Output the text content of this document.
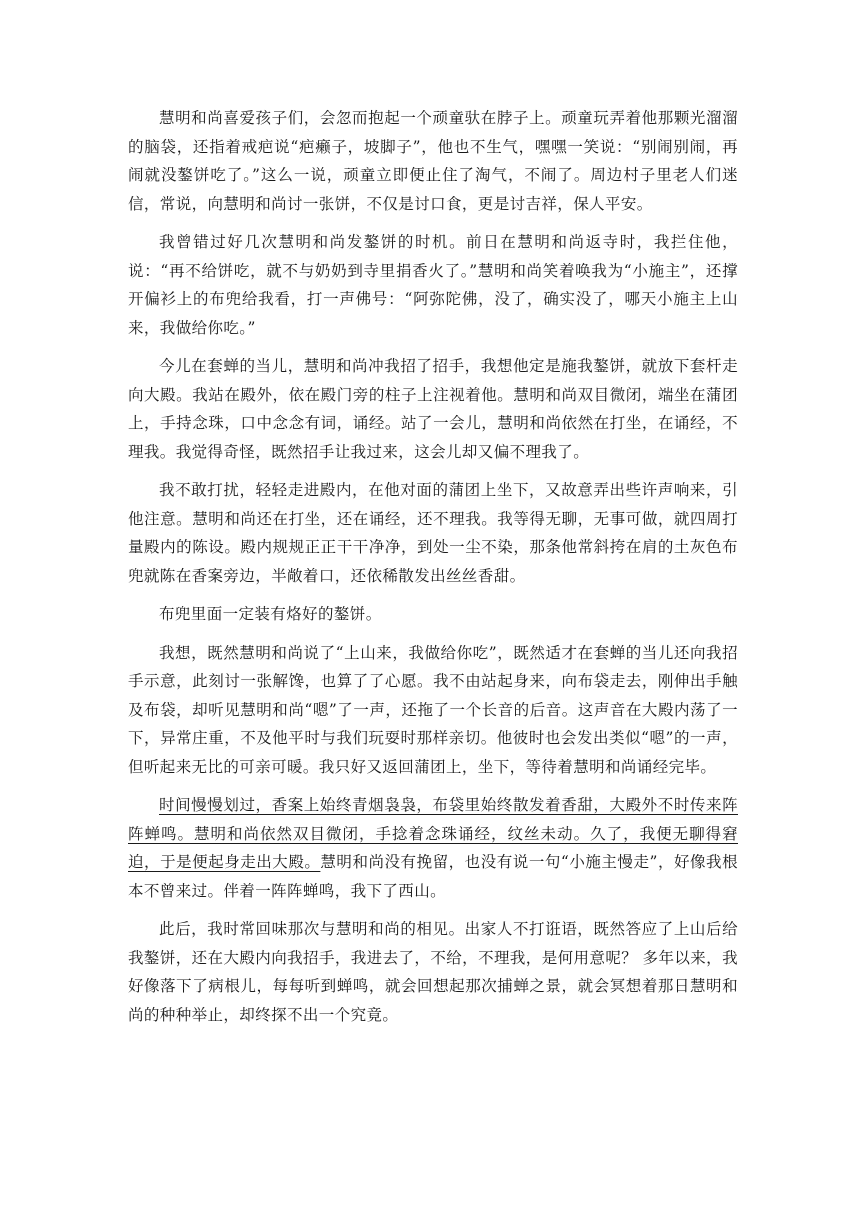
慧明和尚喜爱孩子们，会忽而抱起一个顽童驮在脖子上。顽童玩弄着他那颗光溜溜的脑袋，还指着戒疤说“疤癞子，坡脚子”，他也不生气，嘿嘿一笑说：“别闹别闹，再闹就没鏊饼吃了。”这么一说，顽童立即便止住了淘气，不闹了。周边村子里老人们迷信，常说，向慧明和尚讨一张饼，不仅是讨口食，更是讨吉祥，保人平安。

我曾错过好几次慧明和尚发鏊饼的时机。前日在慧明和尚返寺时，我拦住他，说：“再不给饼吃，就不与奶奶到寺里捐香火了。”慧明和尚笑着唤我为“小施主”，还撑开偏衫上的布兜给我看，打一声佛号：“阿弥陀佛，没了，确实没了，哪天小施主上山来，我做给你吃。”

今儿在套蝉的当儿，慧明和尚冲我招了招手，我想他定是施我鏊饼，就放下套杆走向大殿。我站在殿外，依在殿门旁的柱子上注视着他。慧明和尚双目微闭，端坐在蒲团上，手持念珠，口中念念有词，诵经。站了一会儿，慧明和尚依然在打坐，在诵经，不理我。我觉得奇怪，既然招手让我过来，这会儿却又偏不理我了。

我不敢打扰，轻轻走进殿内，在他对面的蒲团上坐下，又故意弄出些许声响来，引他注意。慧明和尚还在打坐，还在诵经，还不理我。我等得无聊，无事可做，就四周打量殿内的陈设。殿内规规正正干干净净，到处一尘不染，那条他常斜挎在肩的土灰色布兜就陈在香案旁边，半敞着口，还依稀散发出丝丝香甜。

布兜里面一定装有烙好的鏊饼。

我想，既然慧明和尚说了“上山来，我做给你吃”，既然适才在套蝉的当儿还向我招手示意，此刻讨一张解馋，也算了了心愿。我不由站起身来，向布袋走去，刚伸出手触及布袋，却听见慧明和尚“嗯”了一声，还拖了一个长音的后音。这声音在大殿内荡了一下，异常庄重，不及他平时与我们玩耍时那样亲切。他彼时也会发出类似“嗯”的一声，但听起来无比的可亲可暖。我只好又返回蒲团上，坐下，等待着慧明和尚诵经完毕。

时间慢慢划过，香案上始终青烟袅袅，布袋里始终散发着香甜，大殿外不时传来阵阵蝉鸣。慧明和尚依然双目微闭，手捻着念珠诵经，纹丝未动。久了，我便无聊得窘迫，于是便起身走出大殿。慧明和尚没有挽留，也没有说一句“小施主慢走”，好像我根本不曾来过。伴着一阵阵蝉鸣，我下了西山。

此后，我时常回味那次与慧明和尚的相见。出家人不打诳语，既然答应了上山后给我鏊饼，还在大殿内向我招手，我进去了，不给，不理我，是何用意呢？ 多年以来，我好像落下了病根儿，每每听到蝉鸣，就会回想起那次捕蝉之景，就会冥想着那日慧明和尚的种种举止，却终探不出一个究竟。
